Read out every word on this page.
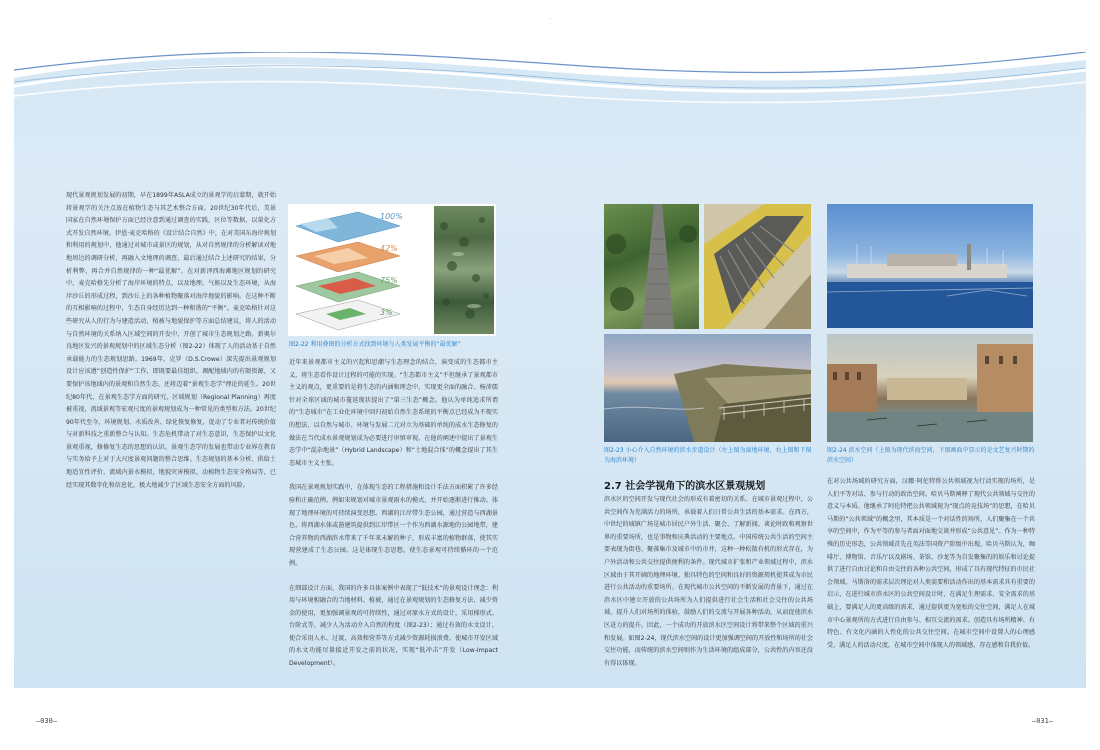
·

现代景观规划发展的初期，早在1899年ASLA成立的景观学的启蒙期，就开始将景观学的关注点放在植物生态与其艺术整合方面。20世纪30年代后，美景国家在自然环境保护方面已经注意到通过调查的实践，区位等数据，以量化方式开发自然环境。伊恩·麦克哈格的《设计结合自然》中，在对美国东海岸规划和利用的规划中，他通过对城市或景区的规划，从对自然规律的分析解读对地地周边的调研分析，再融入文地理的调查，最后通过结合上述研究的结果，分析利弊，再合并自然规律的一种“最优解”。在对新泽西海滩地区规划的研究中，麦克哈格先分析了海岸环境的特点，以及地理、气候以及生态环境，从海岸沙丘的形成过程，到沙丘上的各种植物聚落对海岸地貌的影响。在这种不断的互相影响的过程中，生态自身经历达到一种和谐的“平衡”。麦克哈格针对这些研究从人的行为与建造活动、植被与地貌保护等方面总结建议，将人的活动与自然环境的关系纳入区域空间的开发中，开创了城市生态规划之路。新奥尔良地区发兴的景观规划中的区域生态分析（图2-22）体现了人的活动基于自然承载能力的生态规划思路。1969年，克罗（D.S.Crowe）深先提出景观规划设计应该遵“创造性保护”工作，即既要最佳组织、调配地域内的有限资源，又要保护该地域内的景观和自然生态，还将迈着“景观生态学”理论的延生。20世纪80年代，在景观生态学方面的研究、区域规划（Regional Planning）再度被重视，流域景观等宏观尺度的景观规划成为一种常见的类型和方法。20世纪90年代至今，环境规划、水质改善、绿化恢复修复，促动了专业者对传统价值与对新科技之重新整合与认知。生态危机带动了对生态意识，生态保护以文化景观重视，修修复生态的思想的认识。景观生态学的发展也带动专业界在教育与实务给予上对于大尺度景观问题的整合思维。生态规划的基本分析、供给土地适宜性评价，流域内景水模拟，地貌灾害模拟、动植物生态安全格局等，已经实现其数字化和信息化，极大地减少了区域生态安全方面的风险。

100%
42%
75%
3%
图2-22 利用叠图的分析方式找到环境与人类发展平衡的“最优解”

近年来景观都市主义的兴起和思潮与生态理念的结合，演变成的生态都市主义，将生态看作设计过程的可能的实现。“生态都市主义”不但继承了景观都市主义的观点，更重要的是将生态的内涵和理念中，实现更全面的融合。杨沛儒针对全球区域的城市蔓延现状提出了“第三生态”概念。他认为单纯追求所谓的“生态城市”在工业化环境中回归初始自然生态系统的平衡点已经成为不现实的想法，以自然与城市、环境与发展二元对立为基础的单纯的成水生态修复的做法在当代成水景观规划成为必要进行审慎审视，在他的阐述中提出了景观生态学中“混杂地景”（Hybrid Landscape）和“土地混合体”的概念提出了其生态城市主义主张。

我国在景观规划实践中，在体现生态的工程措施和设计手法方面积累了许多经验和正确范例。例如宋规划对城市景观雨水的模式，并开始逐渐进行推动。体现了地理环境的可持续演变思想。西湖的江岸带生态公园，通过营造与西湖景色，将西湖水体或凿建筑提供到江岸带区一个作为西湖水源地的公园地带，建合营养物的西湖滨水带来了千年来未解的种子，形成丰富的植物群落，使其实现营建成了生态公园。这是体现生态思想，使生态景观可持续循环的一个范例。

在细部设计方面，我国的许多具体案例中表现了“低技术”的景观设计理念：利用与环境相融合的当地材料、植被，通过在景观规划的生态修复方法，减少资金的使用，更加强调景观的可持续性，通过对原水方式的设计，采用梯形式、台阶式等，减少人为活动介入自然的程度（图2-23）；通过有效的水文设计，使合采用人水、过渡，高效和营养等方式减少资源耗损浪费。使城市开发区域的水文功能尽量接近开发之前的状况，实现“低冲击”开发（Low-Impact Development）。

图2-23 小心介入自然环境的滨水步道设计（左上图为湿地环境，右上图和下图为海滨环境）
2.7 社会学视角下的滨水区景观规划

滨水区的空间开发与现代社会的形成有着密切的关系。在城市景观过程中，公共空间作为充满活力的场所，承载着人们日常公共生活的基本需求。在西方，中世纪的城镇广场是城市居民户外生活、聚会、了解新闻、谈论时政和观察世界的重要场所，也是事物和庆典活动的主要地点。中国传统公共生活的空间主要表现为街巷、聚落集市及城市中的市井，这种一种松散有机的形式存在，为户外活动和公共交往提供便利的条件。现代城市扩张和产业领域过程中，滨水区域由于其开阔的地理环境、独具特色的空间和良好的资源契机使其成为市民进行公共活动的重要场所。在现代城市公共空间的不断发展的背景下，通过在滨水区中建立开放的公共场所为人们提供进行社会生活和社会交往的公共场域，提升人们对场所的体验，鼓励人们的交流与开展各种活动，从而促使滨水区迸力的提升。因此，一个成功的开放滨水区空间设计将带来整个区域的重兴和发展。如图2-24，现代滨水空间的设计更加强调空间的开放性和场所的社会交往功能，而传统的滨水空间则作为生活环境的组成部分，公共性的内容还没有得以体现。

图2-24 滨水空间（上图为现代滨海空间，下图画面中显示的是文艺复兴时期的滨水空间）

在对公共场域的研究方面，汉娜·阿伦特将公共领域视为行动实现的场所，是人们平等对话、参与行动的政治空间。哈贝马斯阐释了现代公共领域与交往的意义与本质。他继承了阿伦特把公共领域视为“现点的竞技场”的思想，在哈贝马斯的“公共领域”的概念里，其本质是一个对话性的场所，人们聚集在一个共享的空间中，作为平等的参与者面对面地交谈并形成“公共意见”。作为一种特殊的历史形态，公共领域首先在英法等国资产阶级中出现，哈贝马斯认为，咖啡厅、博物馆、音乐厅以及剧场、茶馆、沙龙等为自发聚集的的娱乐和讨论提供了进行自由讨论和自由交往的各种公共空间，形成了具有现代特征的市民社会领域。马斯洛的需求层次理论对人类需要和活动作出的基本需求具有重要的启示，在进行城市滨水区的公共空间设计时，在满足生理需求、安全需求的基础上，要满足人的更高级的需求，通过提供更为宽松的交往空间，满足人在城市中心景观所的方式进行自由参与、相互交流的需求。创造具有场所精神、有特色、有文化内涵的人性化的公共交往空间。在城市空间中设置人的心理感受，满足人的活动尺度，在城市空间中体现人的领域感、存在感和自我价值。

—030—	—031—
